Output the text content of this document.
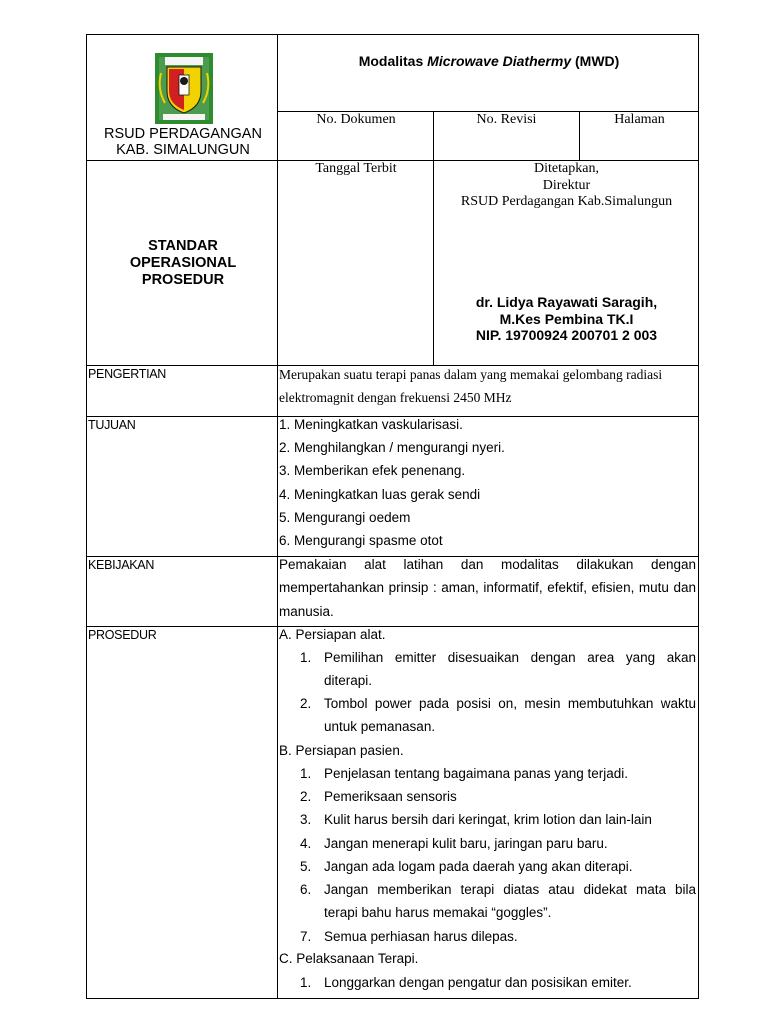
RSUD PERDAGANGAN
KAB. SIMALUNGUN
Modalitas Microwave Diathermy (MWD)
No. Dokumen	No. Revisi	Halaman
Tanggal Terbit
STANDAR
OPERASIONAL
PROSEDUR
Ditetapkan,
Direktur
RSUD Perdagangan Kab.Simalungun
dr. Lidya Rayawati Saragih,
M.Kes Pembina TK.I
NIP. 19700924 200701 2 003
PENGERTIAN	Merupakan suatu terapi panas dalam yang memakai gelombang radiasi
elektromagnit dengan frekuensi 2450 MHz
TUJUAN	1. Meningkatkan vaskularisasi.
2. Menghilangkan / mengurangi nyeri.
3. Memberikan efek penenang.
4. Meningkatkan luas gerak sendi
5. Mengurangi oedem
6. Mengurangi spasme otot
KEBIJAKAN	Pemakaian alat latihan dan modalitas dilakukan dengan mempertahankan prinsip : aman, informatif, efektif, efisien, mutu dan manusia.
PROSEDUR	A. Persiapan alat.
1. Pemilihan emitter disesuaikan dengan area yang akan diterapi.
2. Tombol power pada posisi on, mesin membutuhkan waktu untuk pemanasan.
B. Persiapan pasien.
1. Penjelasan tentang bagaimana panas yang terjadi.
2. Pemeriksaan sensoris
3. Kulit harus bersih dari keringat, krim lotion dan lain-lain
4. Jangan menerapi kulit baru, jaringan paru baru.
5. Jangan ada logam pada daerah yang akan diterapi.
6. Jangan memberikan terapi diatas atau didekat mata bila terapi bahu harus memakai “goggles”.
7. Semua perhiasan harus dilepas.
C. Pelaksanaan Terapi.
1. Longgarkan dengan pengatur dan posisikan emiter.
